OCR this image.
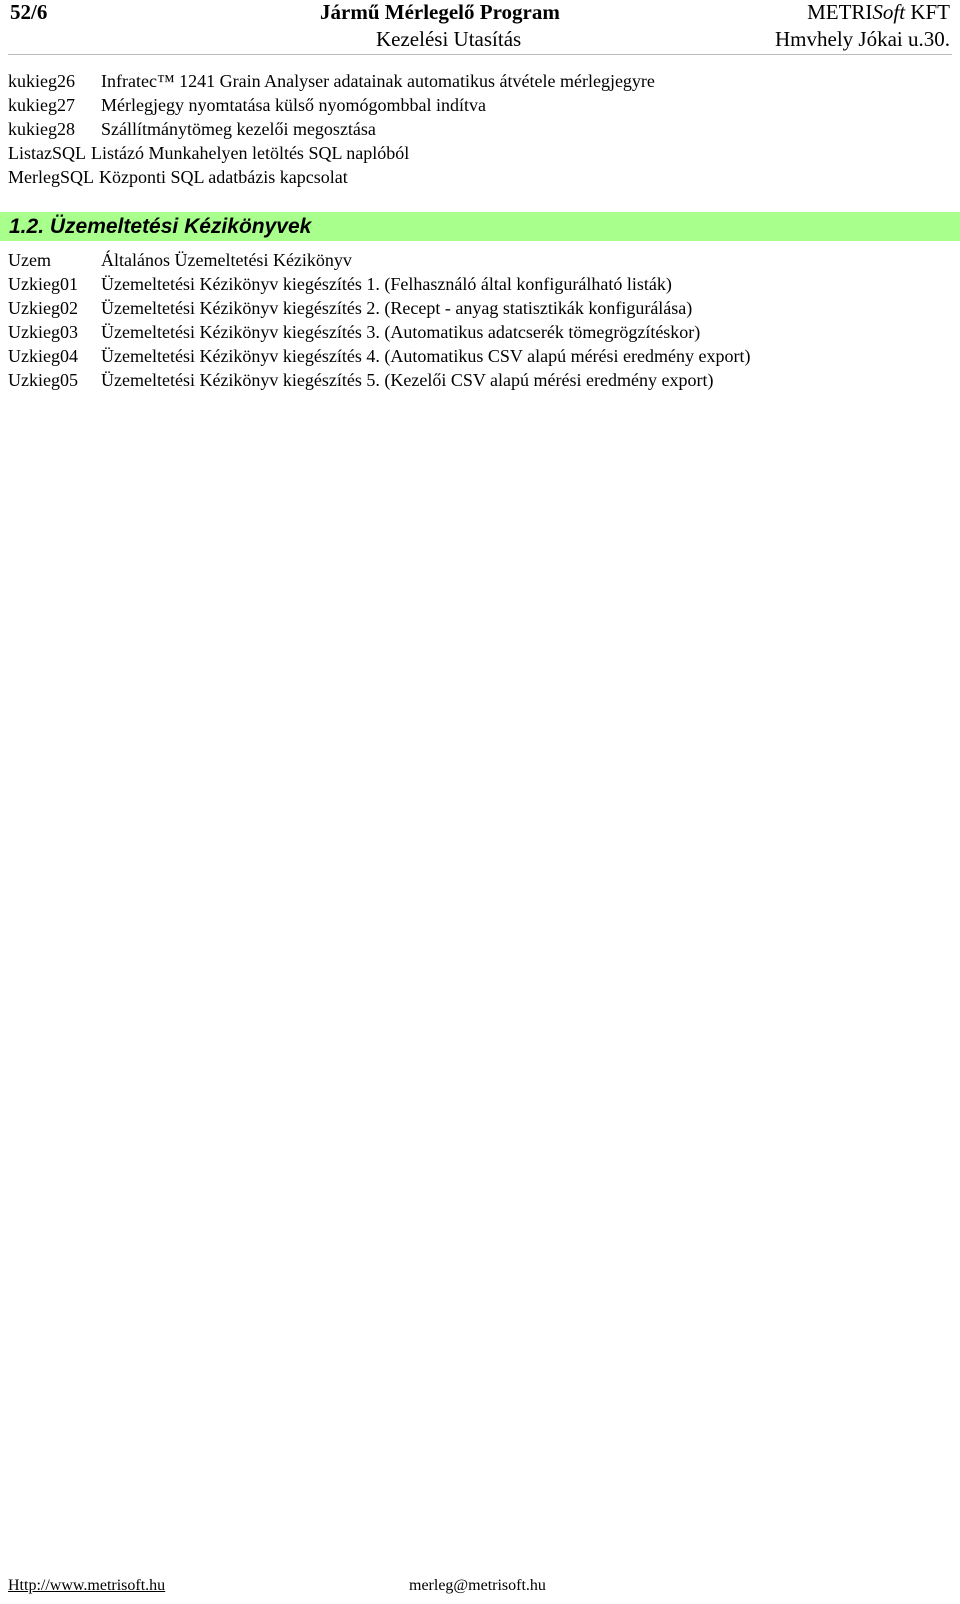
52/6	Jármű Mérlegelő Program
Kezelési Utasítás
METRISoft KFT
Hmvhely Jókai u.30.
kukieg26	Infratec™ 1241 Grain Analyser adatainak automatikus átvétele mérlegjegyre
kukieg27	Mérlegjegy nyomtatása külső nyomógombbal indítva
kukieg28	Szállítmánytömeg kezelői megosztása
ListazSQL Listázó Munkahelyen letöltés SQL naplóból
MerlegSQL Központi SQL adatbázis kapcsolat
1.2. Üzemeltetési Kézikönyvek
Uzem	Általános Üzemeltetési Kézikönyv
Uzkieg01	Üzemeltetési Kézikönyv kiegészítés 1. (Felhasználó által konfigurálható listák)
Uzkieg02	Üzemeltetési Kézikönyv kiegészítés 2. (Recept - anyag statisztikák konfigurálása)
Uzkieg03	Üzemeltetési Kézikönyv kiegészítés 3. (Automatikus adatcserék tömegrögzítéskor)
Uzkieg04	Üzemeltetési Kézikönyv kiegészítés 4. (Automatikus CSV alapú mérési eredmény export)
Uzkieg05	Üzemeltetési Kézikönyv kiegészítés 5. (Kezelői CSV alapú mérési eredmény export)
Http://www.metrisoft.hu	merleg@metrisoft.hu
